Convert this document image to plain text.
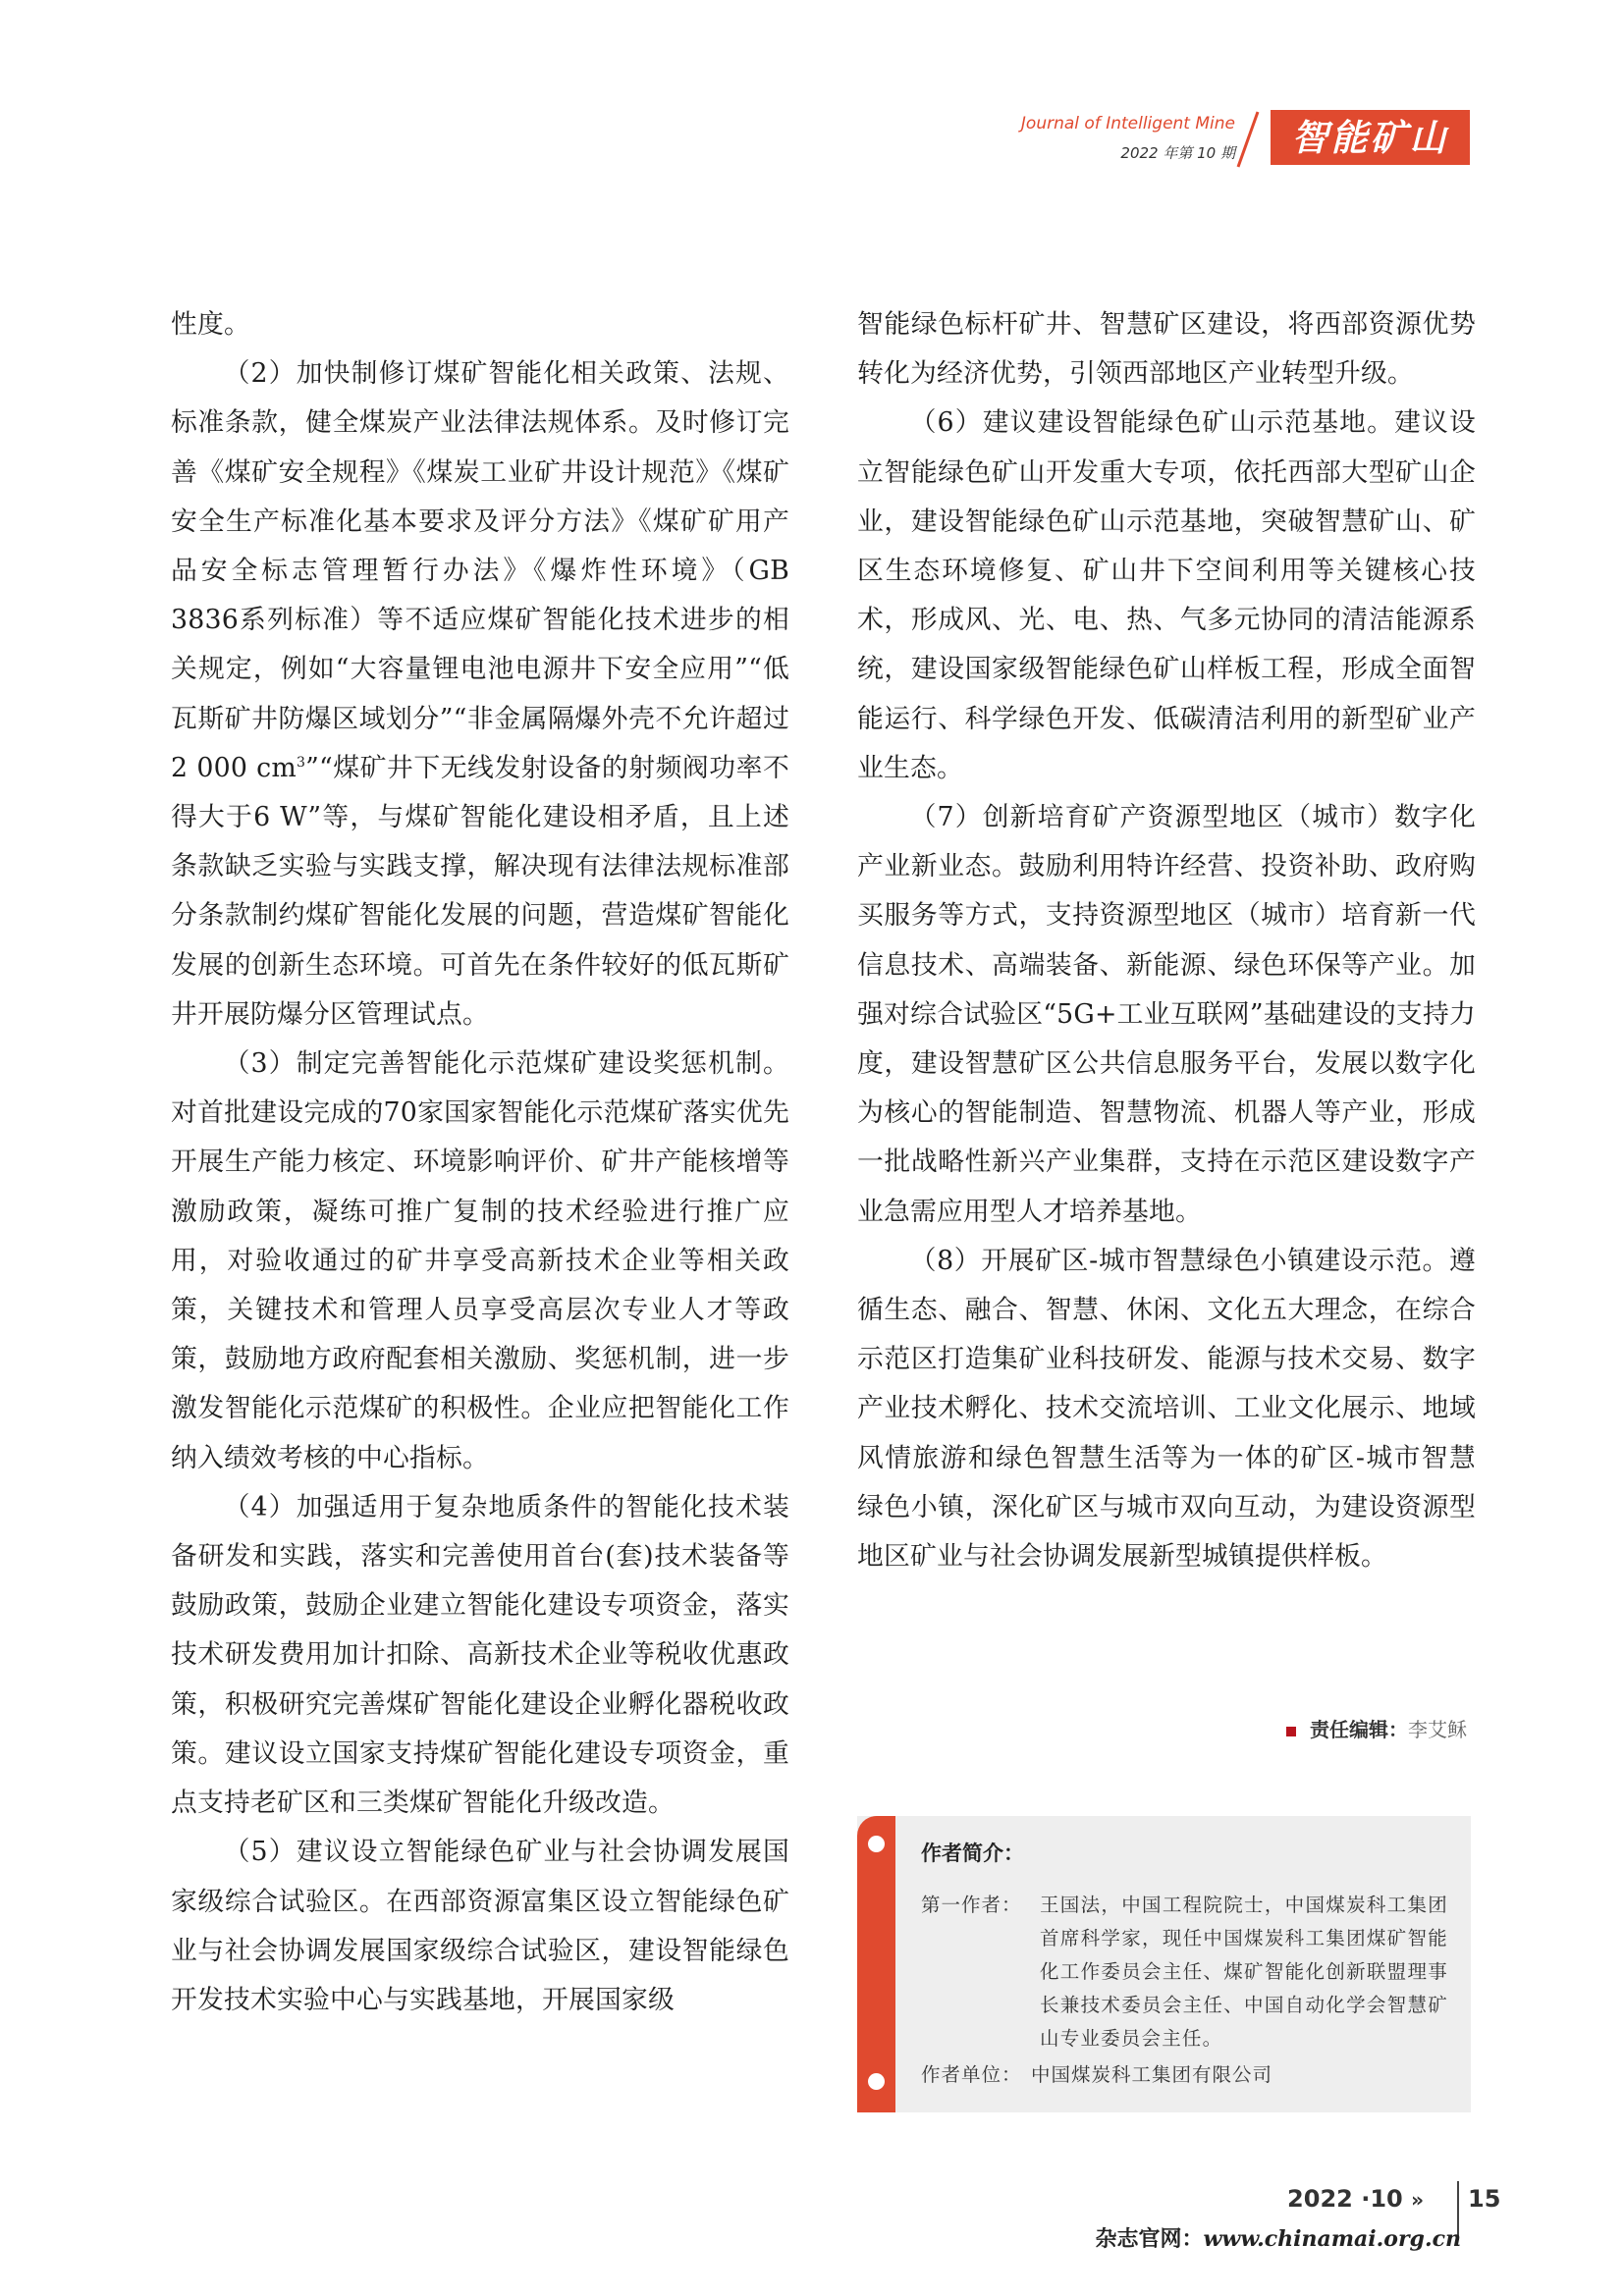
Journal of Intelligent Mine
2022 年第 10 期	智能矿山

性度。

（2）加快制修订煤矿智能化相关政策、法规、标准条款，健全煤炭产业法律法规体系。及时修订完善《煤矿安全规程》《煤炭工业矿井设计规范》《煤矿安全生产标准化基本要求及评分方法》《煤矿矿用产品安全标志管理暂行办法》《爆炸性环境》（GB 3836系列标准）等不适应煤矿智能化技术进步的相关规定，例如“大容量锂电池电源井下安全应用”“低瓦斯矿井防爆区域划分”“非金属隔爆外壳不允许超过2 000 $cm^3”“$煤矿井下无线发射设备的射频阀功率不得大于6 W”等，与煤矿智能化建设相矛盾，且上述条款缺乏实验与实践支撑，解决现有法律法规标准部分条款制约煤矿智能化发展的问题，营造煤矿智能化发展的创新生态环境。可首先在条件较好的低瓦斯矿井开展防爆分区管理试点。

（3）制定完善智能化示范煤矿建设奖惩机制。对首批建设完成的70家国家智能化示范煤矿落实优先开展生产能力核定、环境影响评价、矿井产能核增等激励政策，凝练可推广复制的技术经验进行推广应用，对验收通过的矿井享受高新技术企业等相关政策，关键技术和管理人员享受高层次专业人才等政策，鼓励地方政府配套相关激励、奖惩机制，进一步激发智能化示范煤矿的积极性。企业应把智能化工作纳入绩效考核的中心指标。

（4）加强适用于复杂地质条件的智能化技术装备研发和实践，落实和完善使用首台(套)技术装备等鼓励政策，鼓励企业建立智能化建设专项资金，落实技术研发费用加计扣除、高新技术企业等税收优惠政策，积极研究完善煤矿智能化建设企业孵化器税收政策。建议设立国家支持煤矿智能化建设专项资金，重点支持老矿区和三类煤矿智能化升级改造。

（5）建议设立智能绿色矿业与社会协调发展国家级综合试验区。在西部资源富集区设立智能绿色矿业与社会协调发展国家级综合试验区，建设智能绿色开发技术实验中心与实践基地，开展国家级

智能绿色标杆矿井、智慧矿区建设，将西部资源优势转化为经济优势，引领西部地区产业转型升级。

（6）建议建设智能绿色矿山示范基地。建议设立智能绿色矿山开发重大专项，依托西部大型矿山企业，建设智能绿色矿山示范基地，突破智慧矿山、矿区生态环境修复、矿山井下空间利用等关键核心技术，形成风、光、电、热、气多元协同的清洁能源系统，建设国家级智能绿色矿山样板工程，形成全面智能运行、科学绿色开发、低碳清洁利用的新型矿业产业生态。

（7）创新培育矿产资源型地区（城市）数字化产业新业态。鼓励利用特许经营、投资补助、政府购买服务等方式，支持资源型地区（城市）培育新一代信息技术、高端装备、新能源、绿色环保等产业。加强对综合试验区“5G+工业互联网”基础建设的支持力度，建设智慧矿区公共信息服务平台，发展以数字化为核心的智能制造、智慧物流、机器人等产业，形成一批战略性新兴产业集群，支持在示范区建设数字产业急需应用型人才培养基地。

（8）开展矿区-城市智慧绿色小镇建设示范。遵循生态、融合、智慧、休闲、文化五大理念，在综合示范区打造集矿业科技研发、能源与技术交易、数字产业技术孵化、技术交流培训、工业文化展示、地域风情旅游和绿色智慧生活等为一体的矿区-城市智慧绿色小镇，深化矿区与城市双向互动，为建设资源型地区矿业与社会协调发展新型城镇提供样板。

责任编辑：李艾稣
作者简介：
第一作者： 王国法，中国工程院院士，中国煤炭科工集团首席科学家，现任中国煤炭科工集团煤矿智能化工作委员会主任、煤矿智能化创新联盟理事长兼技术委员会主任、中国自动化学会智慧矿山专业委员会主任。
作者单位： 中国煤炭科工集团有限公司
2022 ·10 » 15
杂志官网：www.chinamai.org.cn
